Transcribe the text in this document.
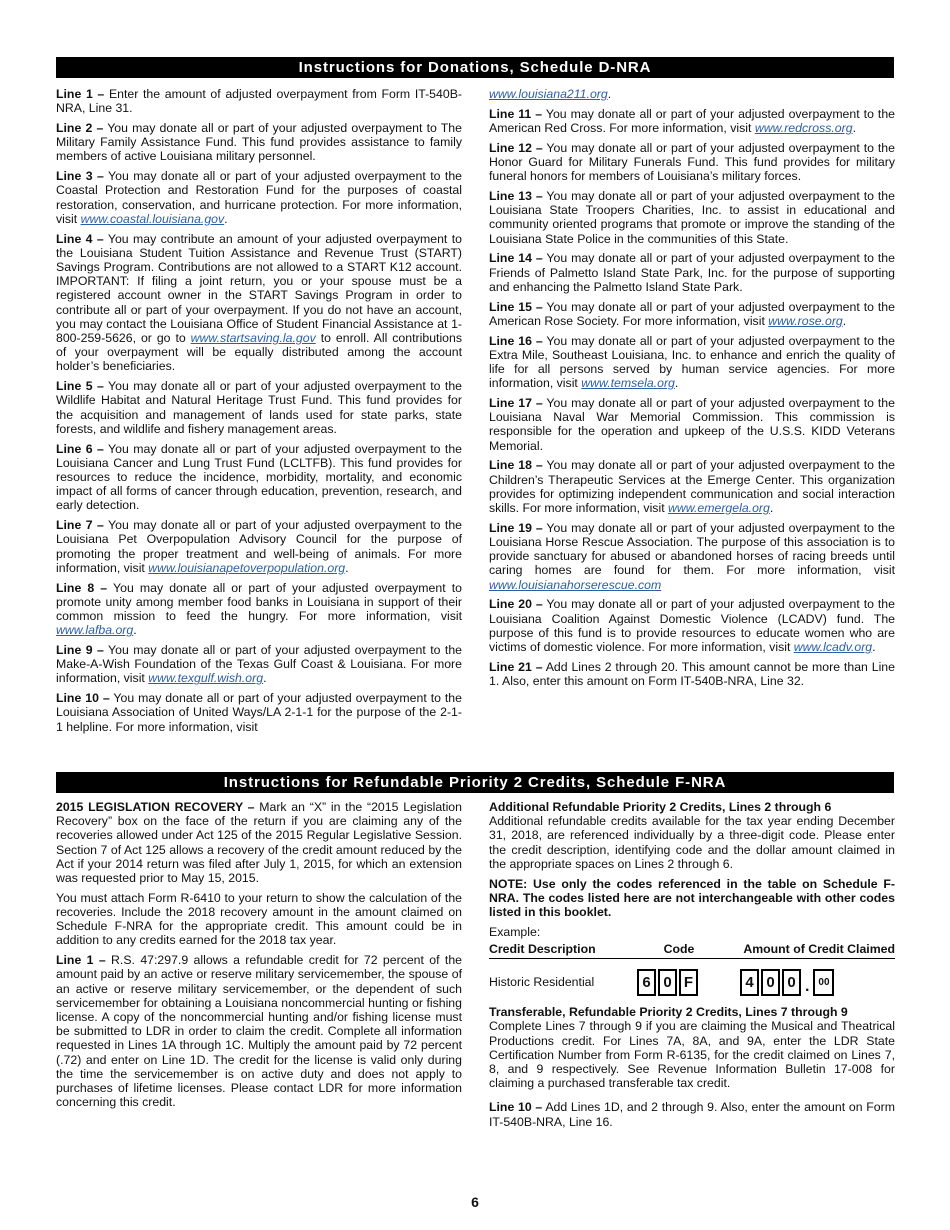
Instructions for Donations, Schedule D-NRA
Line 1 – Enter the amount of adjusted overpayment from Form IT-540B-NRA, Line 31.
Line 2 – You may donate all or part of your adjusted overpayment to The Military Family Assistance Fund. This fund provides assistance to family members of active Louisiana military personnel.
Line 3 – You may donate all or part of your adjusted overpayment to the Coastal Protection and Restoration Fund for the purposes of coastal restoration, conservation, and hurricane protection. For more information, visit www.coastal.louisiana.gov.
Line 4 – You may contribute an amount of your adjusted overpayment to the Louisiana Student Tuition Assistance and Revenue Trust (START) Savings Program. Contributions are not allowed to a START K12 account. IMPORTANT: If filing a joint return, you or your spouse must be a registered account owner in the START Savings Program in order to contribute all or part of your overpayment. If you do not have an account, you may contact the Louisiana Office of Student Financial Assistance at 1-800-259-5626, or go to www.startsaving.la.gov to enroll. All contributions of your overpayment will be equally distributed among the account holder’s beneficiaries.
Line 5 – You may donate all or part of your adjusted overpayment to the Wildlife Habitat and Natural Heritage Trust Fund. This fund provides for the acquisition and management of lands used for state parks, state forests, and wildlife and fishery management areas.
Line 6 – You may donate all or part of your adjusted overpayment to the Louisiana Cancer and Lung Trust Fund (LCLTFB). This fund provides for resources to reduce the incidence, morbidity, mortality, and economic impact of all forms of cancer through education, prevention, research, and early detection.
Line 7 – You may donate all or part of your adjusted overpayment to the Louisiana Pet Overpopulation Advisory Council for the purpose of promoting the proper treatment and well-being of animals. For more information, visit www.louisianapetoverpopulation.org.
Line 8 – You may donate all or part of your adjusted overpayment to promote unity among member food banks in Louisiana in support of their common mission to feed the hungry. For more information, visit www.lafba.org.
Line 9 – You may donate all or part of your adjusted overpayment to the Make-A-Wish Foundation of the Texas Gulf Coast & Louisiana. For more information, visit www.texgulf.wish.org.
Line 10 – You may donate all or part of your adjusted overpayment to the Louisiana Association of United Ways/LA 2-1-1 for the purpose of the 2-1-1 helpline. For more information, visit
www.louisiana211.org.
Line 11 – You may donate all or part of your adjusted overpayment to the American Red Cross. For more information, visit www.redcross.org.
Line 12 – You may donate all or part of your adjusted overpayment to the Honor Guard for Military Funerals Fund. This fund provides for military funeral honors for members of Louisiana’s military forces.
Line 13 – You may donate all or part of your adjusted overpayment to the Louisiana State Troopers Charities, Inc. to assist in educational and community oriented programs that promote or improve the standing of the Louisiana State Police in the communities of this State.
Line 14 – You may donate all or part of your adjusted overpayment to the Friends of Palmetto Island State Park, Inc. for the purpose of supporting and enhancing the Palmetto Island State Park.
Line 15 – You may donate all or part of your adjusted overpayment to the American Rose Society. For more information, visit www.rose.org.
Line 16 – You may donate all or part of your adjusted overpayment to the Extra Mile, Southeast Louisiana, Inc. to enhance and enrich the quality of life for all persons served by human service agencies. For more information, visit www.temsela.org.
Line 17 – You may donate all or part of your adjusted overpayment to the Louisiana Naval War Memorial Commission. This commission is responsible for the operation and upkeep of the U.S.S. KIDD Veterans Memorial.
Line 18 – You may donate all or part of your adjusted overpayment to the Children’s Therapeutic Services at the Emerge Center. This organization provides for optimizing independent communication and social interaction skills. For more information, visit www.emergela.org.
Line 19 – You may donate all or part of your adjusted overpayment to the Louisiana Horse Rescue Association. The purpose of this association is to provide sanctuary for abused or abandoned horses of racing breeds until caring homes are found for them. For more information, visit www.louisianahorserescue.com
Line 20 – You may donate all or part of your adjusted overpayment to the Louisiana Coalition Against Domestic Violence (LCADV) fund. The purpose of this fund is to provide resources to educate women who are victims of domestic violence. For more information, visit www.lcadv.org.
Line 21 – Add Lines 2 through 20. This amount cannot be more than Line 1. Also, enter this amount on Form IT-540B-NRA, Line 32.
Instructions for Refundable Priority 2 Credits, Schedule F-NRA
2015 LEGISLATION RECOVERY – Mark an “X” in the “2015 Legislation Recovery” box on the face of the return if you are claiming any of the recoveries allowed under Act 125 of the 2015 Regular Legislative Session. Section 7 of Act 125 allows a recovery of the credit amount reduced by the Act if your 2014 return was filed after July 1, 2015, for which an extension was requested prior to May 15, 2015.
You must attach Form R-6410 to your return to show the calculation of the recoveries. Include the 2018 recovery amount in the amount claimed on Schedule F-NRA for the appropriate credit. This amount could be in addition to any credits earned for the 2018 tax year.
Line 1 – R.S. 47:297.9 allows a refundable credit for 72 percent of the amount paid by an active or reserve military servicemember, the spouse of an active or reserve military servicemember, or the dependent of such servicemember for obtaining a Louisiana noncommercial hunting or fishing license. A copy of the noncommercial hunting and/or fishing license must be submitted to LDR in order to claim the credit. Complete all information requested in Lines 1A through 1C. Multiply the amount paid by 72 percent (.72) and enter on Line 1D. The credit for the license is valid only during the time the servicemember is on active duty and does not apply to purchases of lifetime licenses. Please contact LDR for more information concerning this credit.
Additional Refundable Priority 2 Credits, Lines 2 through 6
Additional refundable credits available for the tax year ending December 31, 2018, are referenced individually by a three-digit code. Please enter the credit description, identifying code and the dollar amount claimed in the appropriate spaces on Lines 2 through 6.
NOTE: Use only the codes referenced in the table on Schedule F-NRA. The codes listed here are not interchangeable with other codes listed in this booklet.
Example:
Credit Description	Code	Amount of Credit Claimed
Historic Residential	6 0 F	4 0 0 . 00
Transferable, Refundable Priority 2 Credits, Lines 7 through 9
Complete Lines 7 through 9 if you are claiming the Musical and Theatrical Productions credit. For Lines 7A, 8A, and 9A, enter the LDR State Certification Number from Form R-6135, for the credit claimed on Lines 7, 8, and 9 respectively. See Revenue Information Bulletin 17-008 for claiming a purchased transferable tax credit.
Line 10 – Add Lines 1D, and 2 through 9. Also, enter the amount on Form IT-540B-NRA, Line 16.
6
